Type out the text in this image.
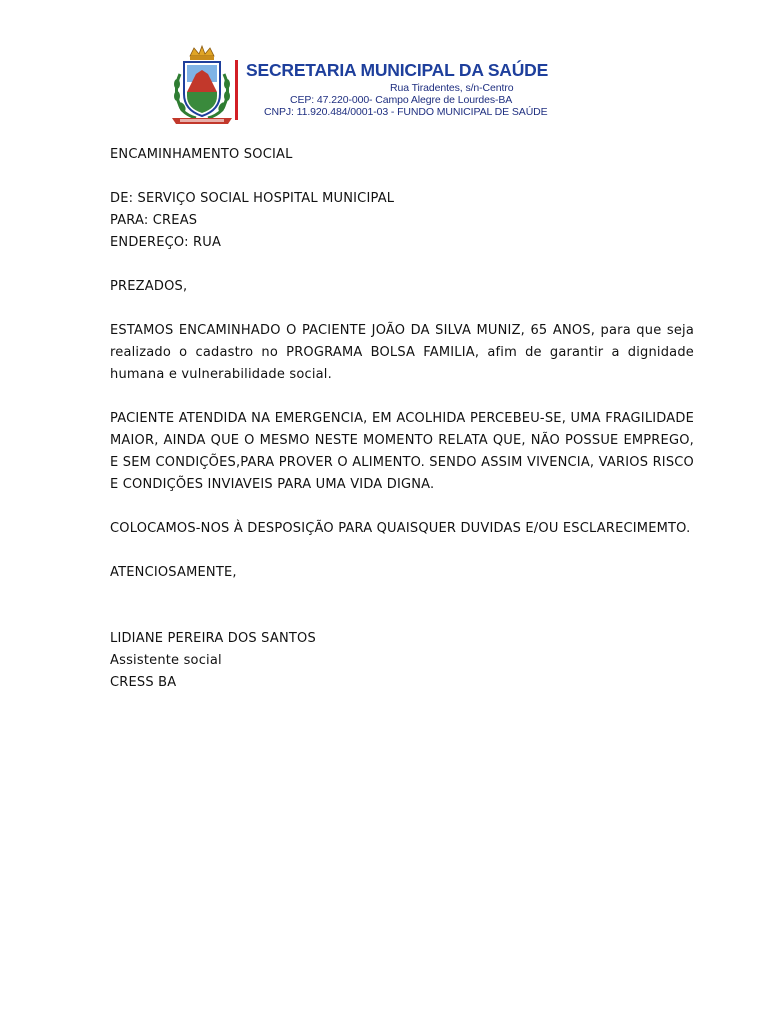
SECRETARIA MUNICIPAL DA SAÚDE
Rua Tiradentes, s/n-Centro
CEP: 47.220-000- Campo Alegre de Lourdes-BA
CNPJ: 11.920.484/0001-03 - FUNDO MUNICIPAL DE SAÚDE

ENCAMINHAMENTO SOCIAL

DE: SERVIÇO SOCIAL HOSPITAL MUNICIPAL

PARA: CREAS

ENDEREÇO: RUA

PREZADOS,

ESTAMOS ENCAMINHADO O PACIENTE JOÃO DA SILVA MUNIZ, 65 ANOS, para que seja realizado o cadastro no PROGRAMA BOLSA FAMILIA, afim de garantir a dignidade humana e vulnerabilidade social.

PACIENTE ATENDIDA NA EMERGENCIA, EM ACOLHIDA PERCEBEU-SE, UMA FRAGILIDADE MAIOR, AINDA QUE O MESMO NESTE MOMENTO RELATA QUE, NÃO POSSUE EMPREGO, E SEM CONDIÇÕES,PARA PROVER O ALIMENTO. SENDO ASSIM VIVENCIA, VARIOS RISCO E CONDIÇÕES INVIAVEIS PARA UMA VIDA DIGNA.

COLOCAMOS-NOS À DESPOSIÇÃO PARA QUAISQUER DUVIDAS E/OU ESCLARECIMEMTO.

ATENCIOSAMENTE,

LIDIANE PEREIRA DOS SANTOS

Assistente social

CRESS BA
